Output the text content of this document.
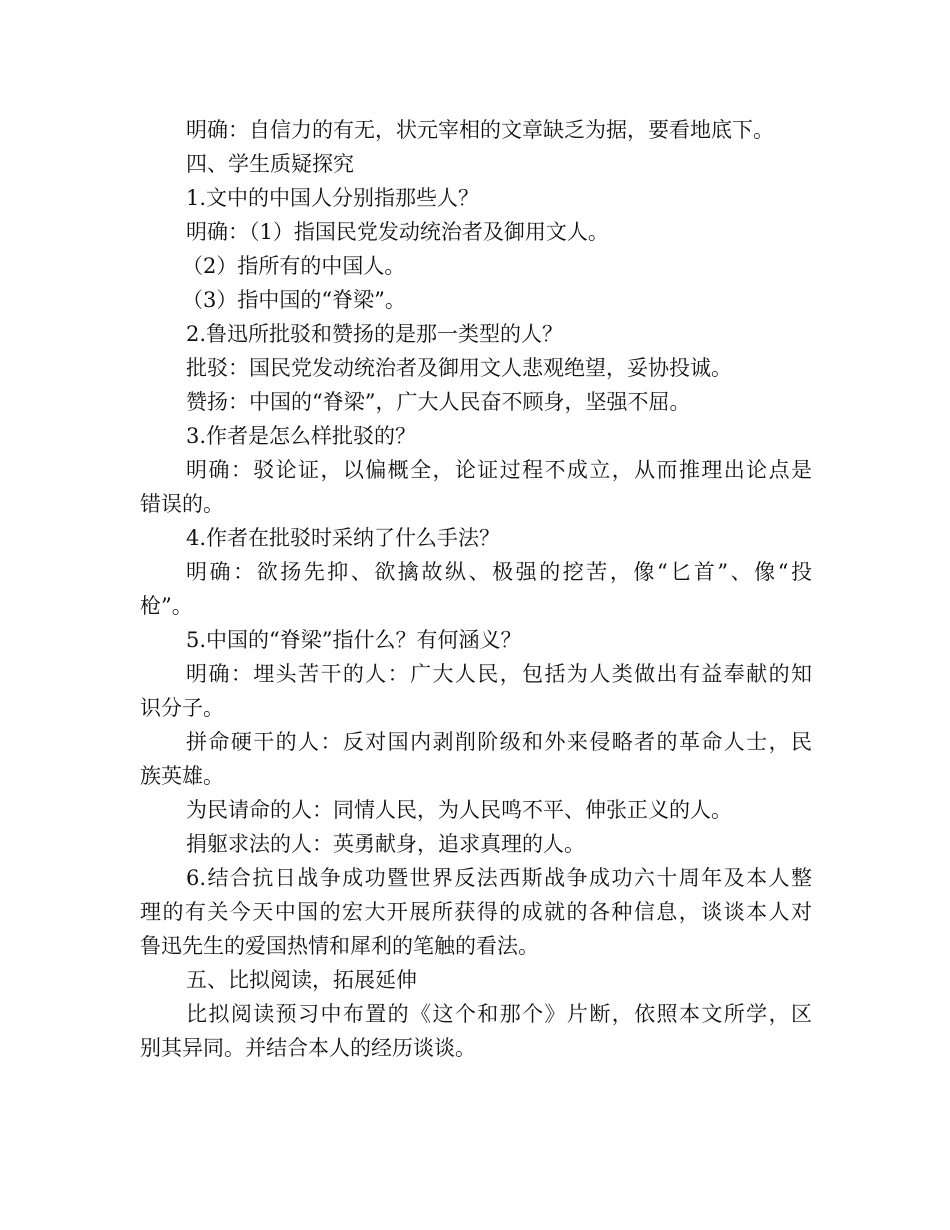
明确：自信力的有无，状元宰相的文章缺乏为据，要看地底下。
四、学生质疑探究
1.文中的中国人分别指那些人？
明确：（1）指国民党发动统治者及御用文人。
（2）指所有的中国人。
（3）指中国的“脊梁”。
2.鲁迅所批驳和赞扬的是那一类型的人？
批驳：国民党发动统治者及御用文人悲观绝望，妥协投诚。
赞扬：中国的“脊梁”，广大人民奋不顾身，坚强不屈。
3.作者是怎么样批驳的？
明确：驳论证，以偏概全，论证过程不成立，从而推理出论点是
错误的。
4.作者在批驳时采纳了什么手法？
明确：欲扬先抑、欲擒故纵、极强的挖苦，像“匕首”、像“投
枪”。
5.中国的“脊梁”指什么？有何涵义？
明确：埋头苦干的人：广大人民，包括为人类做出有益奉献的知
识分子。
拼命硬干的人：反对国内剥削阶级和外来侵略者的革命人士，民
族英雄。
为民请命的人：同情人民，为人民鸣不平、伸张正义的人。
捐躯求法的人：英勇献身，追求真理的人。
6.结合抗日战争成功暨世界反法西斯战争成功六十周年及本人整
理的有关今天中国的宏大开展所获得的成就的各种信息，谈谈本人对
鲁迅先生的爱国热情和犀利的笔触的看法。
五、比拟阅读，拓展延伸
比拟阅读预习中布置的《这个和那个》片断，依照本文所学，区
别其异同。并结合本人的经历谈谈。
